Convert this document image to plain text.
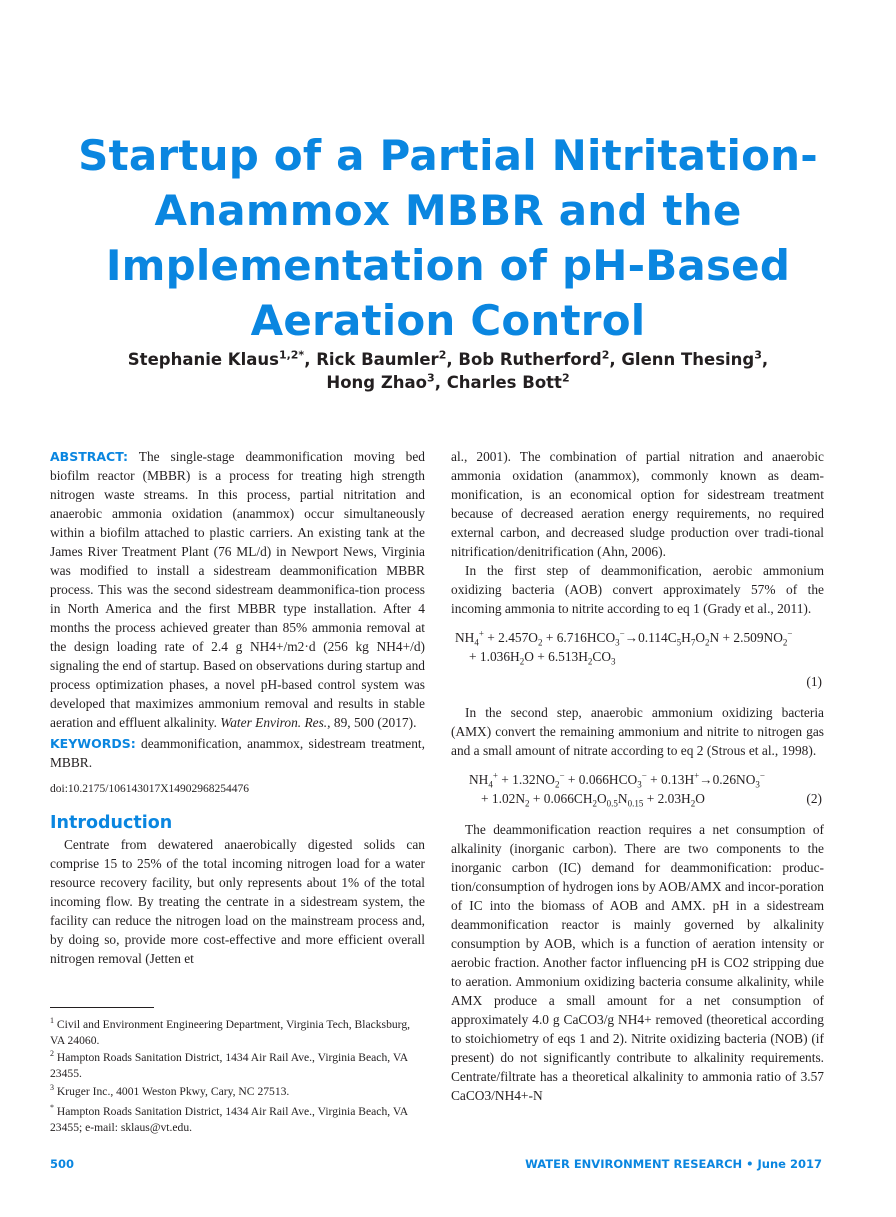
Startup of a Partial Nitritation-Anammox MBBR and the Implementation of pH-Based Aeration Control
Stephanie Klaus$^{1,2*}$, Rick Baumler$^2$, Bob Rutherford$^2$, Glenn Thesing$^3$,
Hong Zhao$^3$, Charles Bott$^2$

ABSTRACT: The single-stage deammonification moving bed biofilm reactor (MBBR) is a process for treating high strength nitrogen waste streams. In this process, partial nitritation and anaerobic ammonia oxidation (anammox) occur simultaneously within a biofilm attached to plastic carriers. An existing tank at the James River Treatment Plant (76 ML/d) in Newport News, Virginia was modified to install a sidestream deammonification MBBR process. This was the second sidestream deammonifica-tion process in North America and the first MBBR type installation. After 4 months the process achieved greater than 85% ammonia removal at the design loading rate of 2.4 g NH4+/m2·d (256 kg NH4+/d) signaling the end of startup. Based on observations during startup and process optimization phases, a novel pH-based control system was developed that maximizes ammonium removal and results in stable aeration and effluent alkalinity. Water Environ. Res., 89, 500 (2017).

KEYWORDS: deammonification, anammox, sidestream treatment, MBBR.

doi:10.2175/106143017X14902968254476

Introduction

Centrate from dewatered anaerobically digested solids can comprise 15 to 25% of the total incoming nitrogen load for a water resource recovery facility, but only represents about 1% of the total incoming flow. By treating the centrate in a sidestream system, the facility can reduce the nitrogen load on the mainstream process and, by doing so, provide more cost-effective and more efficient overall nitrogen removal (Jetten et

$^1$ Civil and Environment Engineering Department, Virginia Tech, Blacksburg, VA 24060.
$^2$ Hampton Roads Sanitation District, 1434 Air Rail Ave., Virginia Beach, VA 23455.
$^3$ Kruger Inc., 4001 Weston Pkwy, Cary, NC 27513.
* Hampton Roads Sanitation District, 1434 Air Rail Ave., Virginia Beach, VA 23455; e-mail: sklaus@vt.edu.

al., 2001). The combination of partial nitration and anaerobic ammonia oxidation (anammox), commonly known as deam-monification, is an economical option for sidestream treatment because of decreased aeration energy requirements, no required external carbon, and decreased sludge production over tradi-tional nitrification/denitrification (Ahn, 2006).

In the first step of deammonification, aerobic ammonium oxidizing bacteria (AOB) convert approximately 57% of the incoming ammonia to nitrite according to eq 1 (Grady et al., 2011).

$NH_4^+ + 2.457O_2 + 6.716HCO_3^-\to 0.114C_5H_7O_2N + 2.509NO_2^-$
+ $1.036H_2O + 6.513H_2CO_3$
(1)

In the second step, anaerobic ammonium oxidizing bacteria (AMX) convert the remaining ammonium and nitrite to nitrogen gas and a small amount of nitrate according to eq 2 (Strous et al., 1998).

$NH_4^+ + 1.32NO_2^- + 0.066HCO_3^- + 0.13H^+\to 0.26NO_3^-$
+ $1.02N_2 + 0.066CH_2O_{0.5}N_{0.15} + 2.03H_2O$	(2)

The deammonification reaction requires a net consumption of alkalinity (inorganic carbon). There are two components to the inorganic carbon (IC) demand for deammonification: produc-tion/consumption of hydrogen ions by AOB/AMX and incor-poration of IC into the biomass of AOB and AMX. pH in a sidestream deammonification reactor is mainly governed by alkalinity consumption by AOB, which is a function of aeration intensity or aerobic fraction. Another factor influencing pH is CO2 stripping due to aeration. Ammonium oxidizing bacteria consume alkalinity, while AMX produce a small amount for a net consumption of approximately 4.0 g CaCO3/g NH4+ removed (theoretical according to stoichiometry of eqs 1 and 2). Nitrite oxidizing bacteria (NOB) (if present) do not significantly contribute to alkalinity requirements. Centrate/filtrate has a theoretical alkalinity to ammonia ratio of 3.57 CaCO3/NH4+-N

500	WATER ENVIRONMENT RESEARCH • June 2017
